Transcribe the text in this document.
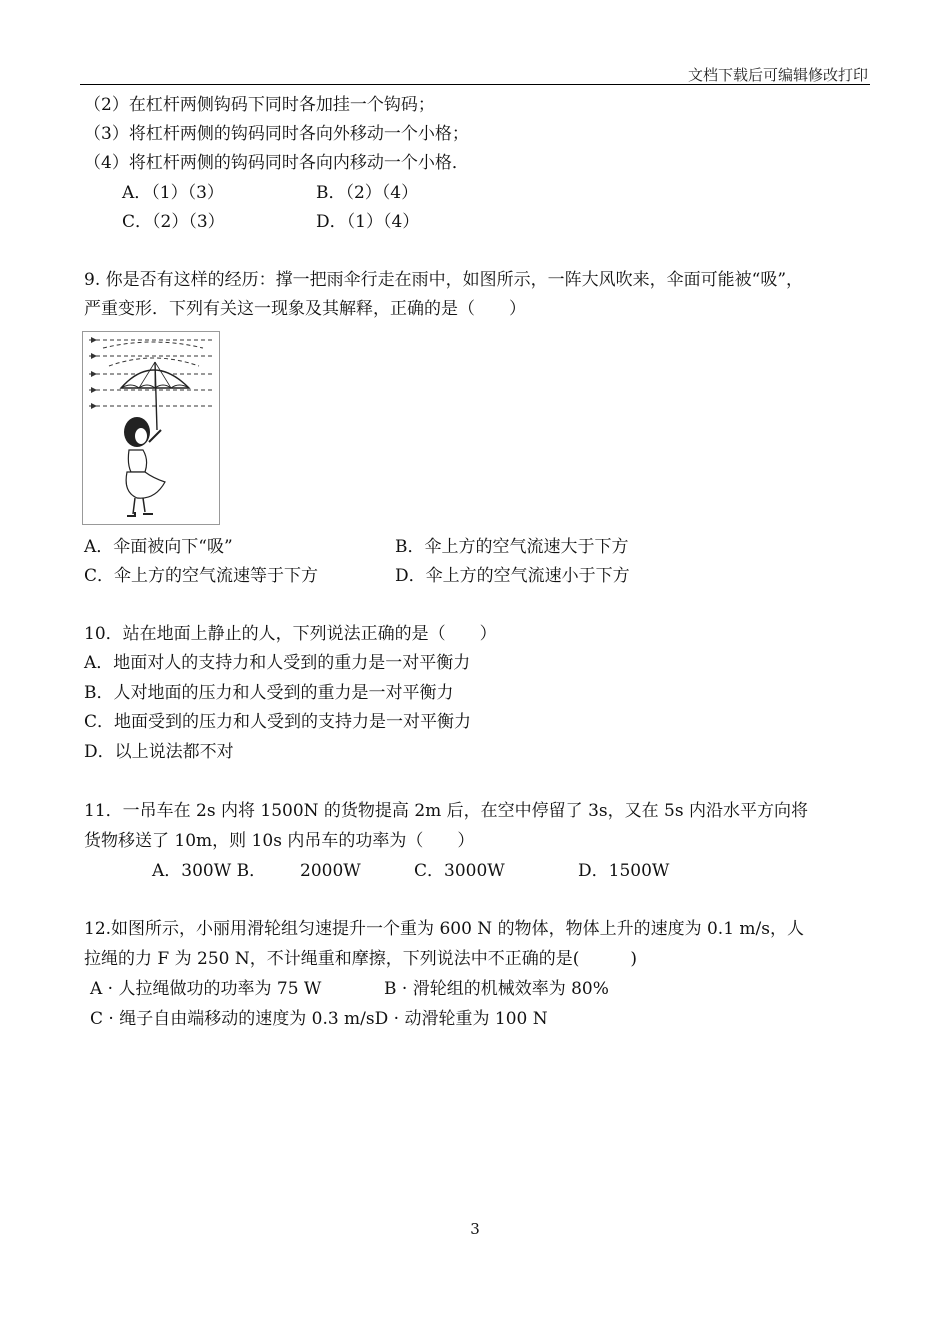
文档下载后可编辑修改打印
（2）在杠杆两侧钩码下同时各加挂一个钩码；
（3）将杠杆两侧的钩码同时各向外移动一个小格；
（4）将杠杆两侧的钩码同时各向内移动一个小格．
A．（1）（3）	B．（2）（4）
C．（2）（3）	D．（1）（4）
9. 你是否有这样的经历：撑一把雨伞行走在雨中，如图所示，一阵大风吹来，伞面可能被“吸”，
严重变形．下列有关这一现象及其解释，正确的是（　　）
A．伞面被向下“吸”	B．伞上方的空气流速大于下方
C．伞上方的空气流速等于下方	D．伞上方的空气流速小于下方
10．站在地面上静止的人，下列说法正确的是（　　）
A．地面对人的支持力和人受到的重力是一对平衡力
B．人对地面的压力和人受到的重力是一对平衡力
C．地面受到的压力和人受到的支持力是一对平衡力
D．以上说法都不对
11．一吊车在 2s 内将 1500N 的货物提高 2m 后，在空中停留了 3s，又在 5s 内沿水平方向将
货物移送了 10m，则 10s 内吊车的功率为（　　）
A．300W B． 2000W	C．3000W	D．1500W
12.如图所示，小丽用滑轮组匀速提升一个重为 600 N 的物体，物体上升的速度为 0.1 m/s，人
拉绳的力 F 为 250 N，不计绳重和摩擦，下列说法中不正确的是(　　　)
A · 人拉绳做功的功率为 75 W	B · 滑轮组的机械效率为 80%
C · 绳子自由端移动的速度为 0.3 m/sD · 动滑轮重为 100 N
3
